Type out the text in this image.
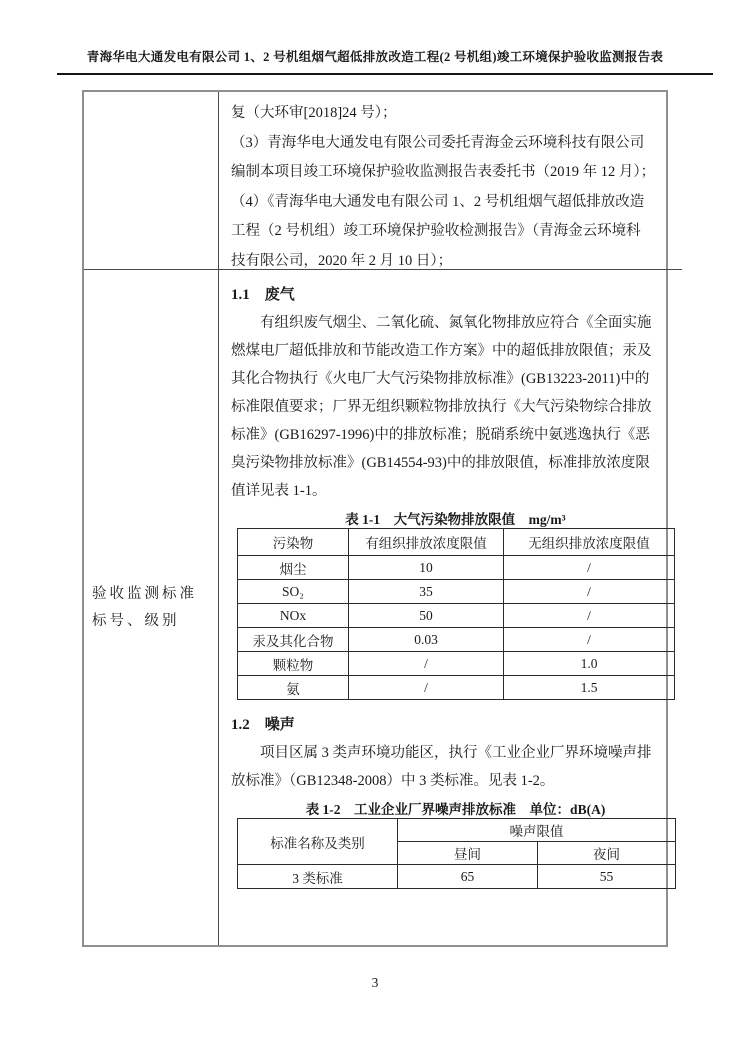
青海华电大通发电有限公司 1、2 号机组烟气超低排放改造工程(2 号机组)竣工环境保护验收监测报告表
复（大环审[2018]24 号）；
（3）青海华电大通发电有限公司委托青海金云环境科技有限公司
编制本项目竣工环境保护验收监测报告表委托书（2019 年 12 月）；
（4）《青海华电大通发电有限公司 1、2 号机组烟气超低排放改造
工程（2 号机组）竣工环境保护验收检测报告》（青海金云环境科
技有限公司，2020 年 2 月 10 日）；
验收监测标准标号、级别
1.1　废气
有组织废气烟尘、二氧化硫、氮氧化物排放应符合《全面实施
燃煤电厂超低排放和节能改造工作方案》中的超低排放限值；汞及
其化合物执行《火电厂大气污染物排放标准》(GB13223-2011)中的
标准限值要求；厂界无组织颗粒物排放执行《大气污染物综合排放
标准》(GB16297-1996)中的排放标准；脱硝系统中氨逃逸执行《恶
臭污染物排放标准》(GB14554-93)中的排放限值，标准排放浓度限
值详见表 1-1。
表 1-1　大气污染物排放限值　mg/m³
污染物	有组织排放浓度限值	无组织排放浓度限值
烟尘	10	/
SO₂	35	/
NOx	50	/
汞及其化合物	0.03	/
颗粒物	/	1.0
氨	/	1.5
1.2　噪声
项目区属 3 类声环境功能区，执行《工业企业厂界环境噪声排
放标准》（GB12348-2008）中 3 类标准。见表 1-2。
表 1-2　工业企业厂界噪声排放标准　单位：dB(A)
标准名称及类别	噪声限值	
	昼间	夜间
3 类标准	65	55
3
